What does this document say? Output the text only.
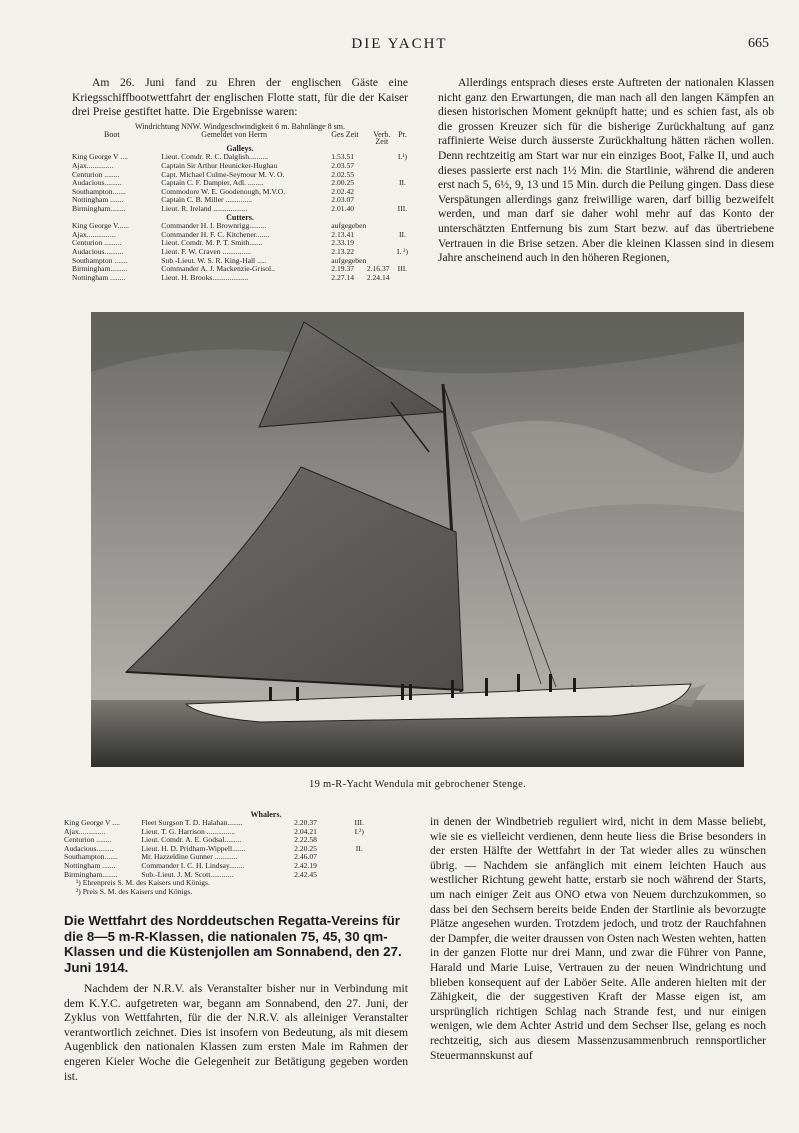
DIE YACHT	665

Am 26. Juni fand zu Ehren der englischen Gäste eine Kriegsschiffbootwettfahrt der englischen Flotte statt, für die der Kaiser drei Preise gestiftet hatte. Die Ergebnisse waren:

Windrichtung NNW. Windgeschwindigkeit 6 m. Bahnlänge 8 sm.
Boot	Gemeldet von Herrn	Ges Zeit	Verb. Zeit	Pr.
Galleys.				
King George V ....	Lieut. Comdr. R. C. Dalglish..........	1.53.51		I.¹)
Ajax..............	Captain Sir Arthur Heunicker-Hughau	2.03.57		
Centurion ........	Capt. Michael Culme-Seymour M. V. O.	2.02.55		
Audacious.........	Captain C. F. Dampier, Adl. ........	2.00.25		II.
Southampton.......	Commodore W. E. Goodenough, M.V.O.	2.02.42		
Nottingham .......	Captain C. B. Miller ..............	2.03.07		
Birmingham........	Lieut. R. Ireland ..................	2.01.40		III.
Cutters.				
King George V......	Commander H. I. Brownrigg.........	aufgegeben		
Ajax...............	Commander H. F. C. Kitchener.......	2.13.41		II.
Centurion .........	Lieut. Comdr. M. P. T. Smith.......	2.33.19		
Audacious..........	Lieut. F. W. Craven ...............	2.13.22		I. ²)
Southampton .......	Sub -Lieut. W. S. R. King-Hall .....	aufgegeben		
Birmingham.........	Commander A. J. Mackenzie-Grisol..	2.19.37	2.16.37	III.
Nottingham ........	Lieut. H. Brooks...................	2.27.14	2.24.14	

Allerdings entsprach dieses erste Auftreten der nationalen Klassen nicht ganz den Erwartungen, die man nach all den langen Kämpfen an diesen historischen Moment geknüpft hatte; und es schien fast, als ob die grossen Kreuzer sich für die bisherige Zurückhaltung auf ganz raffinierte Weise durch äusserste Zurückhaltung hätten rächen wollen. Denn rechtzeitig am Start war nur ein einziges Boot, Falke II, und auch dieses passierte erst nach 1½ Min. die Startlinie, während die anderen erst nach 5, 6½, 9, 13 und 15 Min. durch die Peilung gingen. Dass diese Verspätungen allerdings ganz freiwillige waren, darf billig bezweifelt werden, und man darf sie daher wohl mehr auf das Konto der unterschätzten Entfernung bis zum Start bezw. auf das übertriebene Vertrauen in die Brise setzen. Aber die kleinen Klassen sind in diesem Jahre anscheinend auch in den höheren Regionen,

19 m-R-Yacht Wendula mit gebrochener Stenge.
Whalers.
King George V ....	Fleet Surgson T. D. Halahan........	2.20.37		III.
Ajax..............	Lieut. T. G. Harrison ...............	2.04.21		I.²)
Centurion ........	Lieut. Comdr. A. E. Godsal.........	2.22.58		
Audacious.........	Lieut. H. D. Pridham-Wippell.......	2.20.25		II.
Southampton.......	Mr. Hazzeldine Gunner ............	2.46.07		
Nottingham .......	Commander I. C. H. Lindsay........	2.42.19		
Birmingham........	Sub.-Lieut. J. M. Scott............	2.42.45		
¹) Ehrenpreis S. M. des Kaisers und Königs.
²) Preis S. M. des Kaisers und Königs.

Die Wettfahrt des Norddeutschen Regatta-Vereins für die 8—5 m-R-Klassen, die nationalen 75, 45, 30 qm-Klassen und die Küstenjollen am Sonnabend, den 27. Juni 1914.

Nachdem der N.R.V. als Veranstalter bisher nur in Verbindung mit dem K.Y.C. aufgetreten war, begann am Sonnabend, den 27. Juni, der Zyklus von Wettfahrten, für die der N.R.V. als alleiniger Veranstalter verantwortlich zeichnet. Dies ist insofern von Bedeutung, als mit diesem Augenblick den nationalen Klassen zum ersten Male im Rahmen der engeren Kieler Woche die Gelegenheit zur Betätigung gegeben worden ist.

in denen der Windbetrieb reguliert wird, nicht in dem Masse beliebt, wie sie es vielleicht verdienen, denn heute liess die Brise besonders in der ersten Hälfte der Wettfahrt in der Tat wieder alles zu wünschen übrig. — Nachdem sie anfänglich mit einem leichten Hauch aus westlicher Richtung geweht hatte, erstarb sie noch während der Starts, um nach einiger Zeit aus ONO etwa von Neuem durchzukommen, so dass bei den Sechsern bereits beide Enden der Startlinie als bevorzugte Plätze angesehen wurden. Trotzdem jedoch, und trotz der Rauchfahnen der Dampfer, die weiter draussen von Osten nach Westen wehten, hatten in der ganzen Flotte nur drei Mann, und zwar die Führer von Panne, Harald und Marie Luise, Vertrauen zu der neuen Windrichtung und blieben konsequent auf der Laböer Seite. Alle anderen hielten mit der Zähigkeit, die der suggestiven Kraft der Masse eigen ist, am ursprünglich richtigen Schlag nach Strande fest, und nur einigen wenigen, wie dem Achter Astrid und dem Sechser Ilse, gelang es noch rechtzeitig, sich aus diesem Massenzusammenbruch rennsportlicher Steuermannskunst auf
